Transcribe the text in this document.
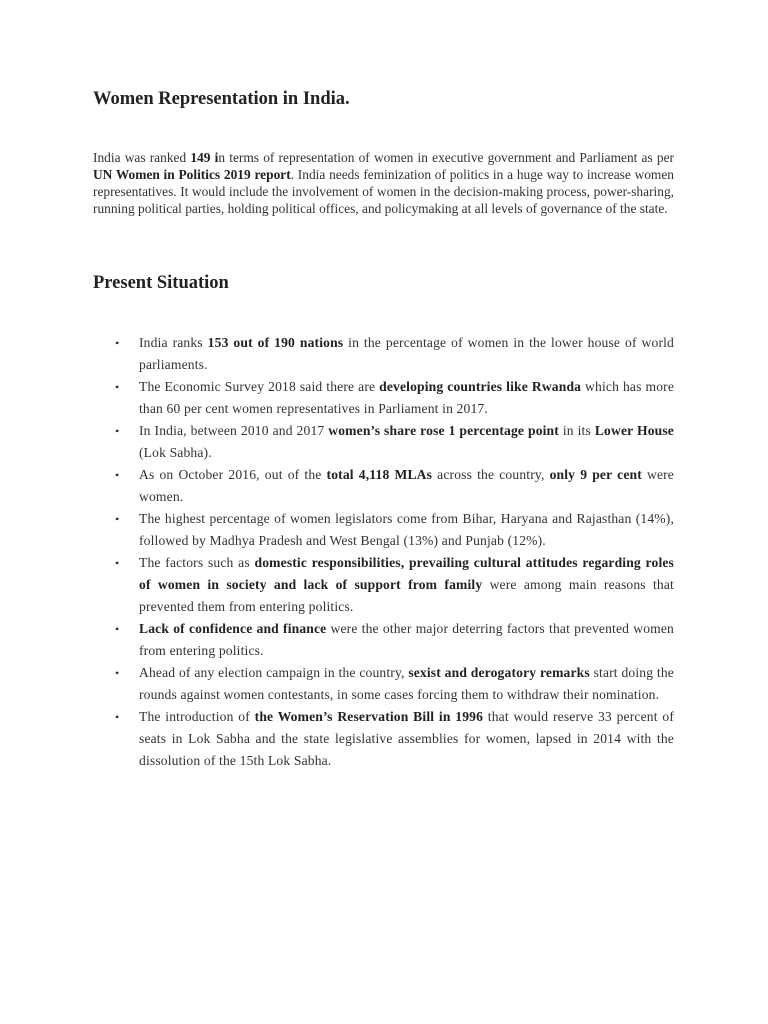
Women Representation in India.

India was ranked 149 in terms of representation of women in executive government and Parliament as per UN Women in Politics 2019 report. India needs feminization of politics in a huge way to increase women representatives. It would include the involvement of women in the decision-making process, power-sharing, running political parties, holding political offices, and policymaking at all levels of governance of the state.

Present Situation
• India ranks 153 out of 190 nations in the percentage of women in the lower house of world parliaments.
• The Economic Survey 2018 said there are developing countries like Rwanda which has more than 60 per cent women representatives in Parliament in 2017.
• In India, between 2010 and 2017 women’s share rose 1 percentage point in its Lower House (Lok Sabha).
• As on October 2016, out of the total 4,118 MLAs across the country, only 9 per cent were women.
• The highest percentage of women legislators come from Bihar, Haryana and Rajasthan (14%), followed by Madhya Pradesh and West Bengal (13%) and Punjab (12%).
• The factors such as domestic responsibilities, prevailing cultural attitudes regarding roles of women in society and lack of support from family were among main reasons that prevented them from entering politics.
• Lack of confidence and finance were the other major deterring factors that prevented women from entering politics.
• Ahead of any election campaign in the country, sexist and derogatory remarks start doing the rounds against women contestants, in some cases forcing them to withdraw their nomination.
• The introduction of the Women’s Reservation Bill in 1996 that would reserve 33 percent of seats in Lok Sabha and the state legislative assemblies for women, lapsed in 2014 with the dissolution of the 15th Lok Sabha.
